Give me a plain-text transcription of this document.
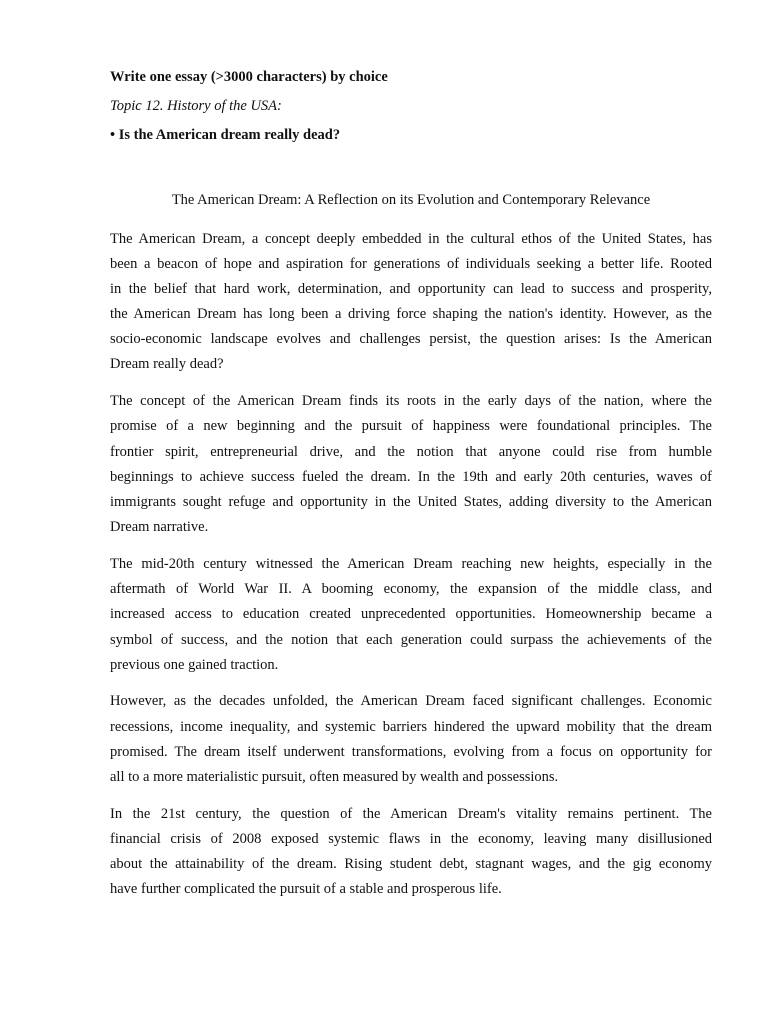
Write one essay (>3000 characters) by choice
Topic 12. History of the USA:
• Is the American dream really dead?
The American Dream: A Reflection on its Evolution and Contemporary Relevance
The American Dream, a concept deeply embedded in the cultural ethos of the United States, has
been a beacon of hope and aspiration for generations of individuals seeking a better life. Rooted
in the belief that hard work, determination, and opportunity can lead to success and prosperity,
the American Dream has long been a driving force shaping the nation's identity. However, as the
socio-economic landscape evolves and challenges persist, the question arises: Is the American
Dream really dead?
The concept of the American Dream finds its roots in the early days of the nation, where the
promise of a new beginning and the pursuit of happiness were foundational principles. The
frontier spirit, entrepreneurial drive, and the notion that anyone could rise from humble
beginnings to achieve success fueled the dream. In the 19th and early 20th centuries, waves of
immigrants sought refuge and opportunity in the United States, adding diversity to the American
Dream narrative.
The mid-20th century witnessed the American Dream reaching new heights, especially in the
aftermath of World War II. A booming economy, the expansion of the middle class, and
increased access to education created unprecedented opportunities. Homeownership became a
symbol of success, and the notion that each generation could surpass the achievements of the
previous one gained traction.
However, as the decades unfolded, the American Dream faced significant challenges. Economic
recessions, income inequality, and systemic barriers hindered the upward mobility that the dream
promised. The dream itself underwent transformations, evolving from a focus on opportunity for
all to a more materialistic pursuit, often measured by wealth and possessions.
In the 21st century, the question of the American Dream's vitality remains pertinent. The
financial crisis of 2008 exposed systemic flaws in the economy, leaving many disillusioned
about the attainability of the dream. Rising student debt, stagnant wages, and the gig economy
have further complicated the pursuit of a stable and prosperous life.
